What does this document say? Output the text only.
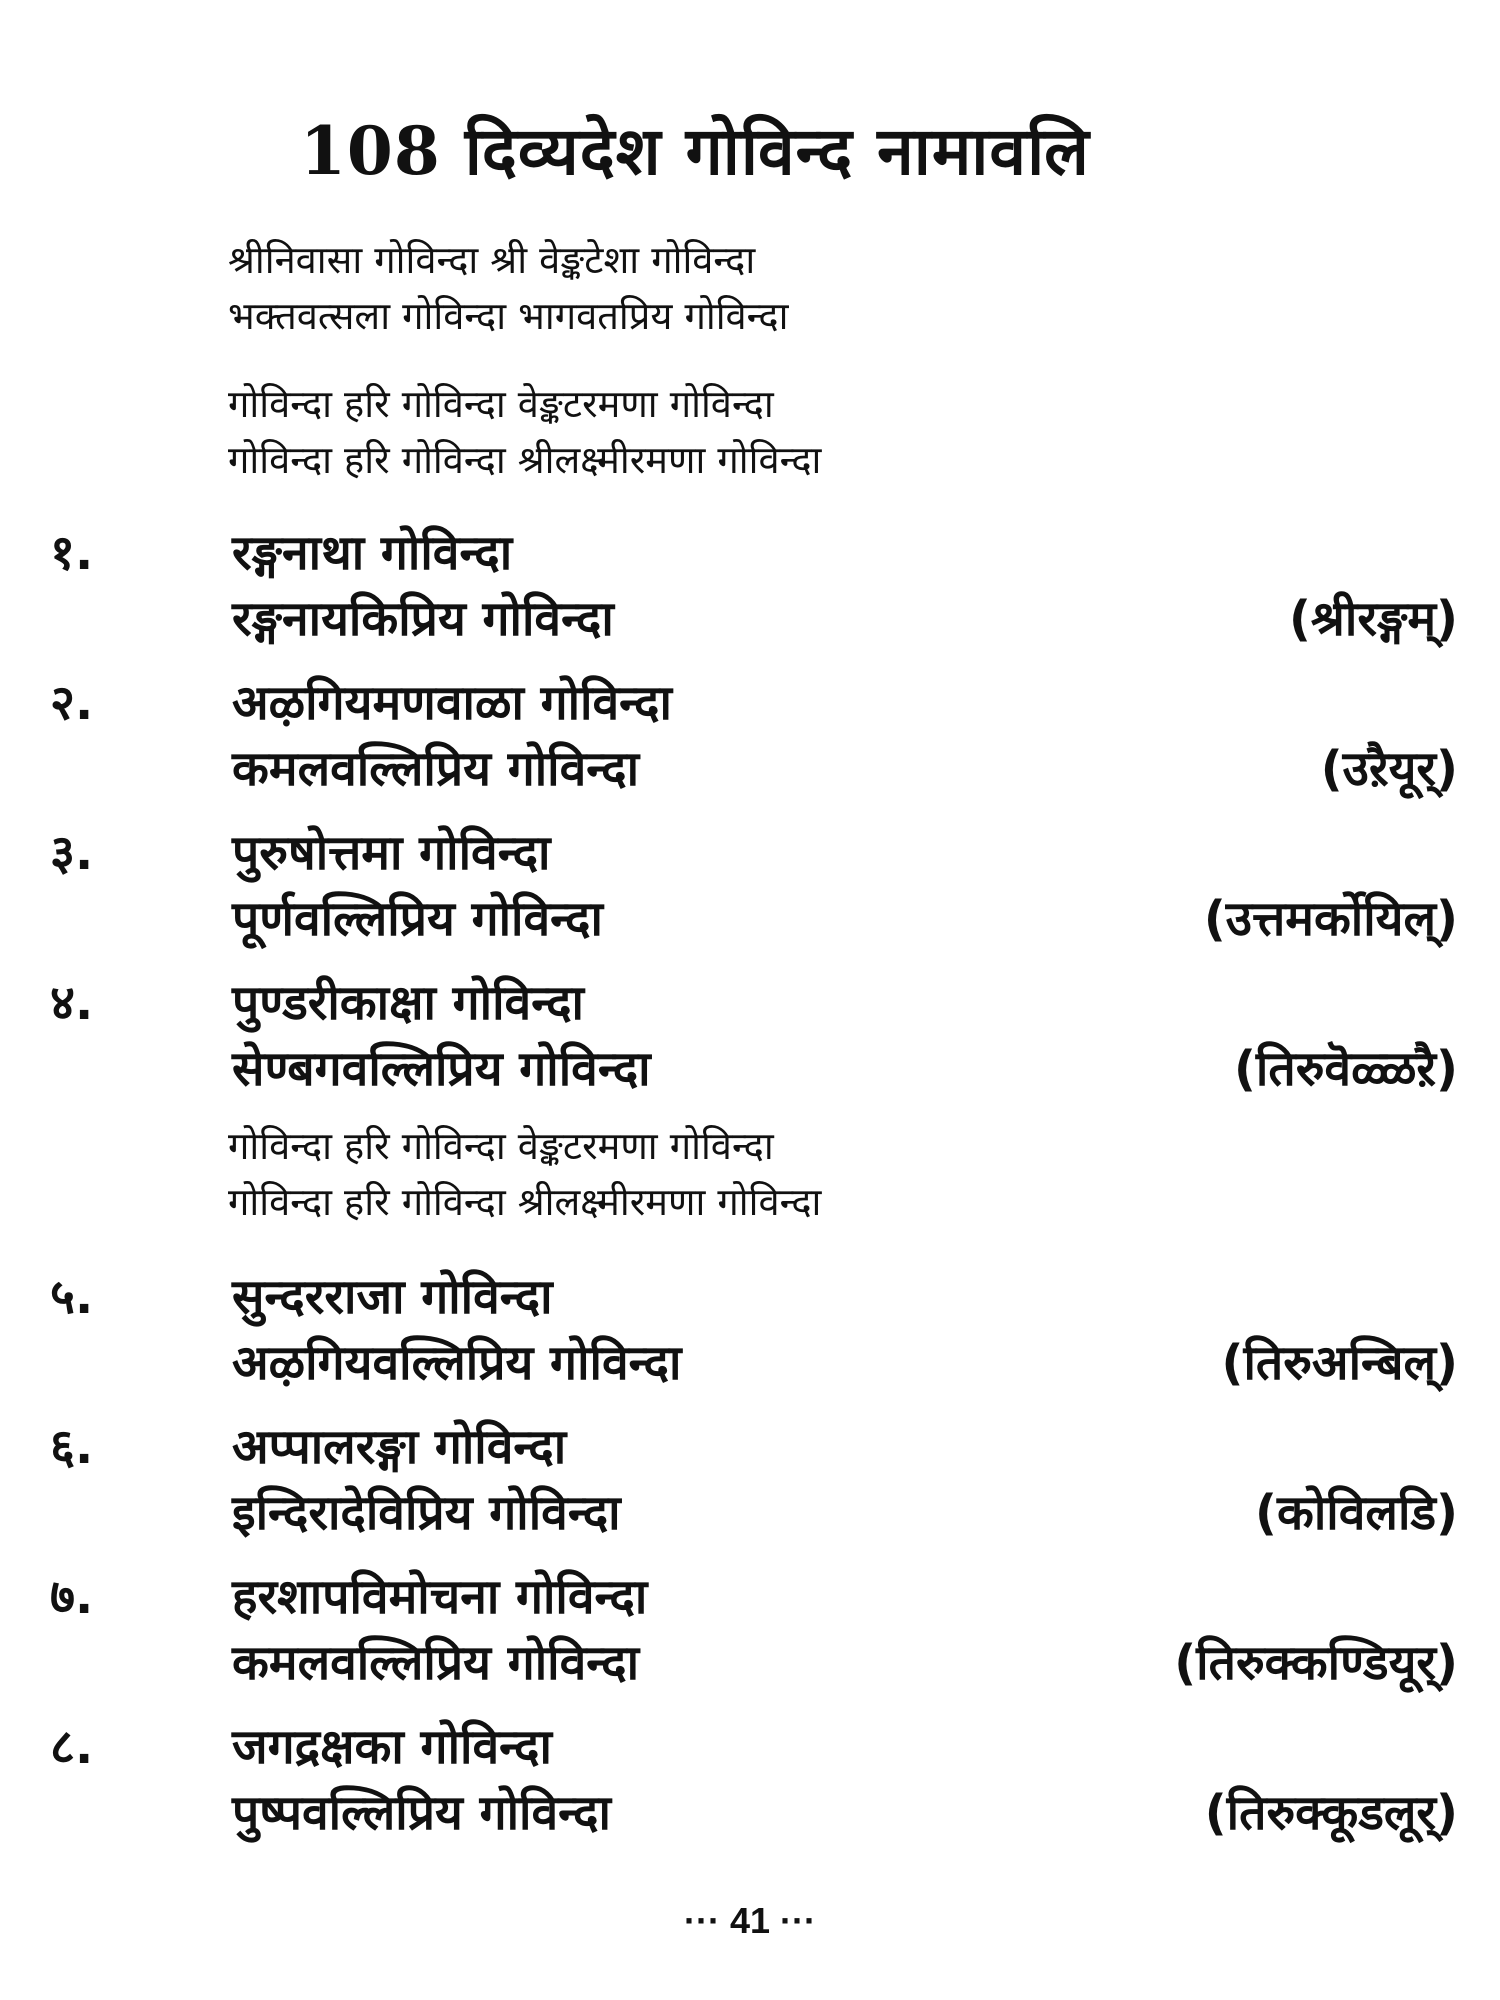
108 दिव्यदेश गोविन्द नामावलि
श्रीनिवासा गोविन्दा श्री वेङ्कटेशा गोविन्दा
भक्तवत्सला गोविन्दा भागवतप्रिय गोविन्दा
गोविन्दा हरि गोविन्दा वेङ्कटरमणा गोविन्दा
गोविन्दा हरि गोविन्दा श्रीलक्ष्मीरमणा गोविन्दा
१.	रङ्गनाथा गोविन्दा
रङ्गनायकिप्रिय गोविन्दा	(श्रीरङ्गम्)
२.	अऴगियमणवाळा गोविन्दा
कमलवल्लिप्रिय गोविन्दा	(उऱैयूर्)
३.	पुरुषोत्तमा गोविन्दा
पूर्णवल्लिप्रिय गोविन्दा	(उत्तमर्कोयिल्)
४.	पुण्डरीकाक्षा गोविन्दा
सेण्बगवल्लिप्रिय गोविन्दा	(तिरुवॆळ्ळऱै)
गोविन्दा हरि गोविन्दा वेङ्कटरमणा गोविन्दा
गोविन्दा हरि गोविन्दा श्रीलक्ष्मीरमणा गोविन्दा
५.	सुन्दरराजा गोविन्दा
अऴगियवल्लिप्रिय गोविन्दा	(तिरुअन्बिल्)
६.	अप्पालरङ्गा गोविन्दा
इन्दिरादेविप्रिय गोविन्दा	(कोविलडि)
७.	हरशापविमोचना गोविन्दा
कमलवल्लिप्रिय गोविन्दा	(तिरुक्कण्डियूर्)
८.	जगद्रक्षका गोविन्दा
पुष्पवल्लिप्रिय गोविन्दा	(तिरुक्कूडलूर्)
··· 41 ···
